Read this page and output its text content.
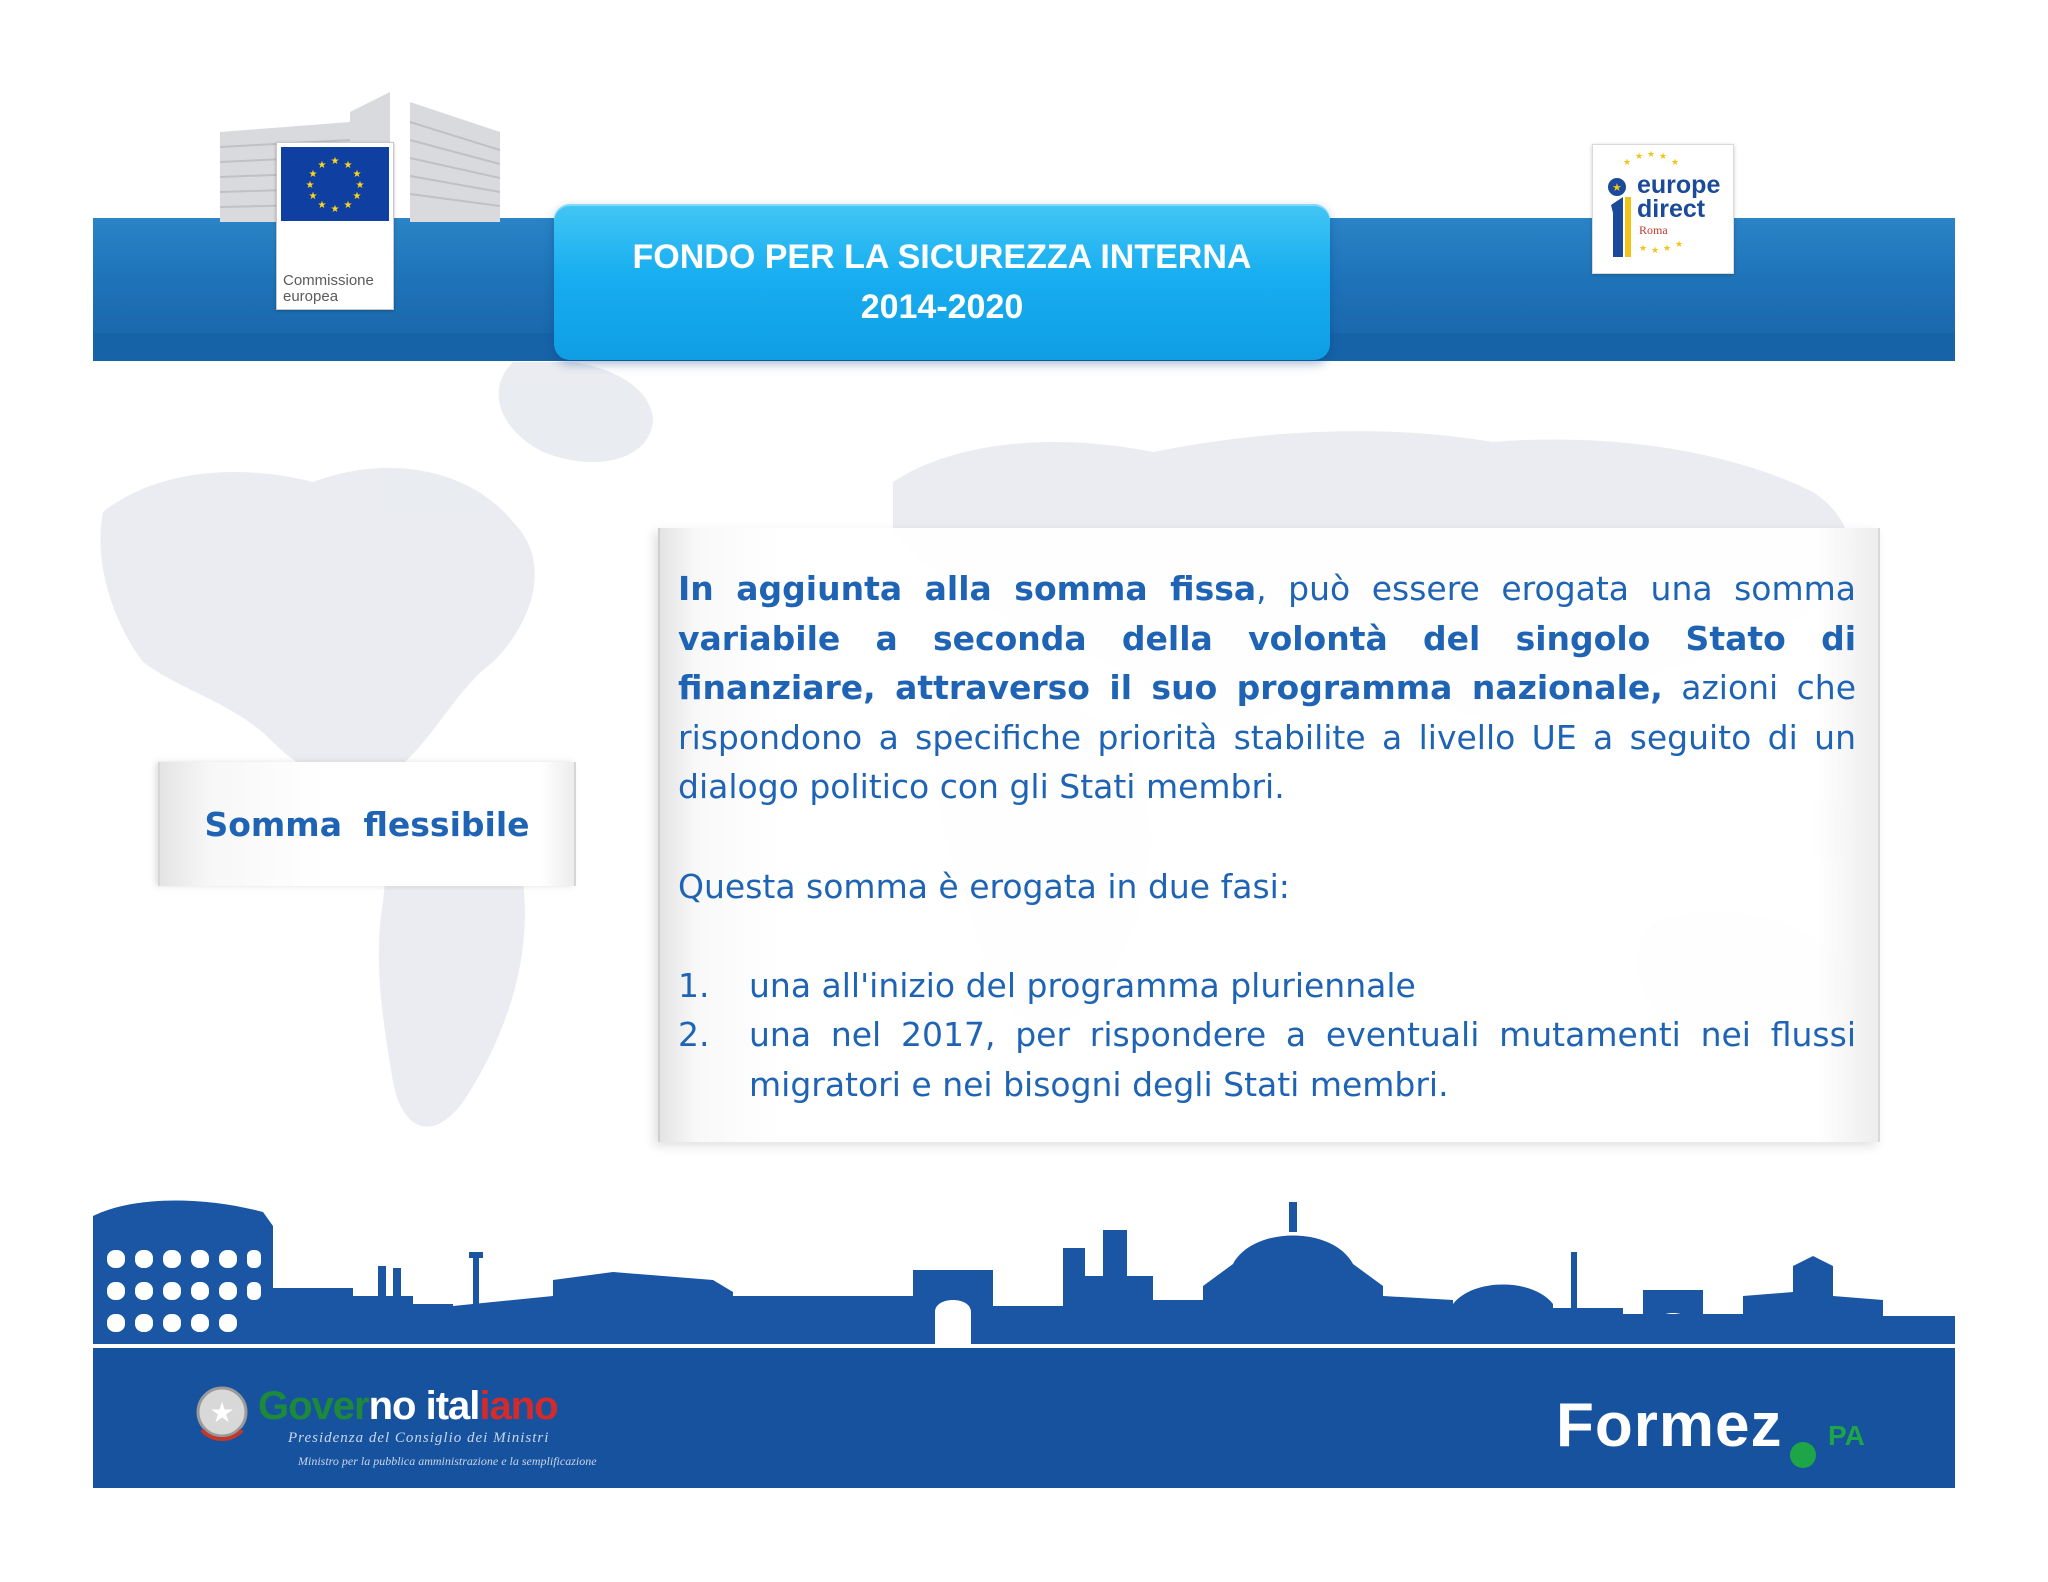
★ ★
★
★
★
★
★
★
★
★
★
★
Commissione
europea
★
★ ★ ★
★
★ ★ ★ ★
★ europe
direct
Roma
FONDO PER LA SICUREZZA INTERNA
2014-2020
Somma flessibile

In aggiunta alla somma fissa, può essere erogata una somma variabile a seconda della volontà del singolo Stato di finanziare, attraverso il suo programma nazionale, azioni che rispondono a specifiche priorità stabilite a livello UE a seguito di un dialogo politico con gli Stati membri.

Questa somma è erogata in due fasi:

1. una all'inizio del programma pluriennale
2. una nel 2017, per rispondere a eventuali mutamenti nei flussi migratori e nei bisogni degli Stati membri.
★ Governo italiano
Presidenza del Consiglio dei Ministri
Ministro per la pubblica amministrazione e la semplificazione
Formez PA
